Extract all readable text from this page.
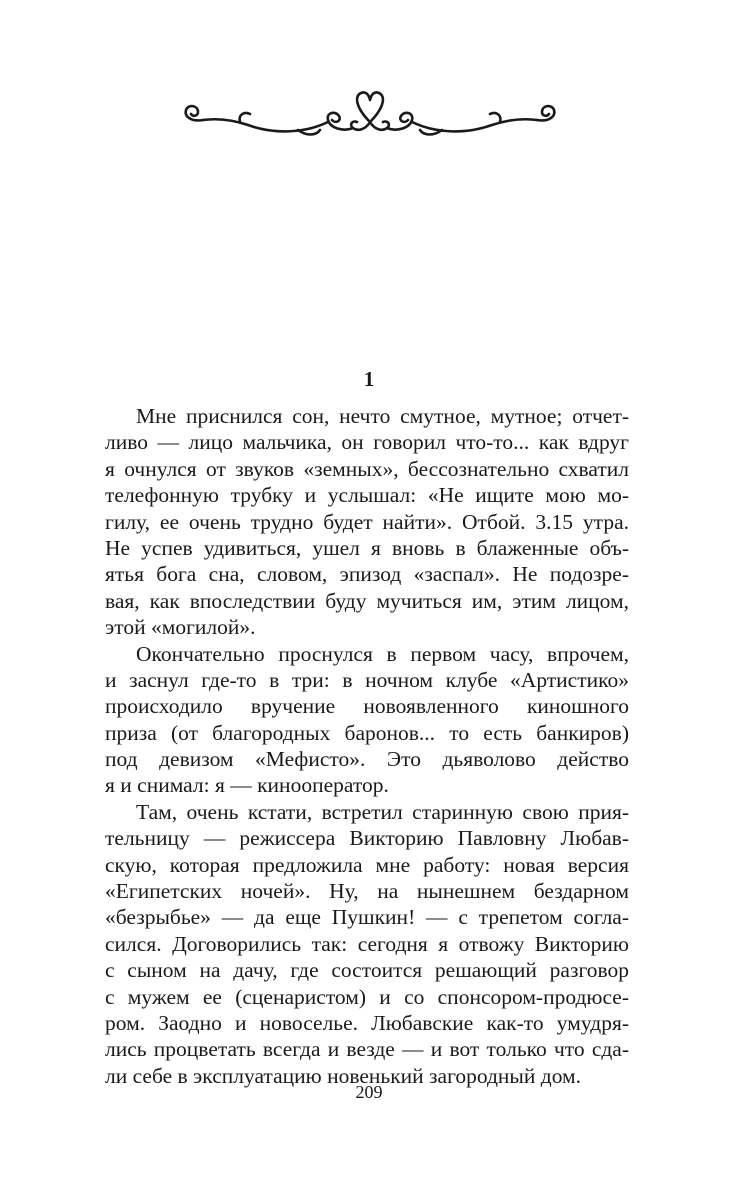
1
Мне приснился сон, нечто смутное, мутное; отчет-
ливо — лицо мальчика, он говорил что-то... как вдруг
я очнулся от звуков «земных», бессознательно схватил
телефонную трубку и услышал: «Не ищите мою мо-
гилу, ее очень трудно будет найти». Отбой. 3.15 утра.
Не успев удивиться, ушел я вновь в блаженные объ-
ятья бога сна, словом, эпизод «заспал». Не подозре-
вая, как впоследствии буду мучиться им, этим лицом,
этой «могилой».
Окончательно проснулся в первом часу, впрочем,
и заснул где-то в три: в ночном клубе «Артистико»
происходило вручение новоявленного киношного
приза (от благородных баронов... то есть банкиров)
под девизом «Мефисто». Это дьяволово действо
я и снимал: я — кинооператор.
Там, очень кстати, встретил старинную свою прия-
тельницу — режиссера Викторию Павловну Любав-
скую, которая предложила мне работу: новая версия
«Египетских ночей». Ну, на нынешнем бездарном
«безрыбье» — да еще Пушкин! — с трепетом согла-
сился. Договорились так: сегодня я отвожу Викторию
с сыном на дачу, где состоится решающий разговор
с мужем ее (сценаристом) и со спонсором-продюсе-
ром. Заодно и новоселье. Любавские как-то умудря-
лись процветать всегда и везде — и вот только что сда-
ли себе в эксплуатацию новенький загородный дом.
209
